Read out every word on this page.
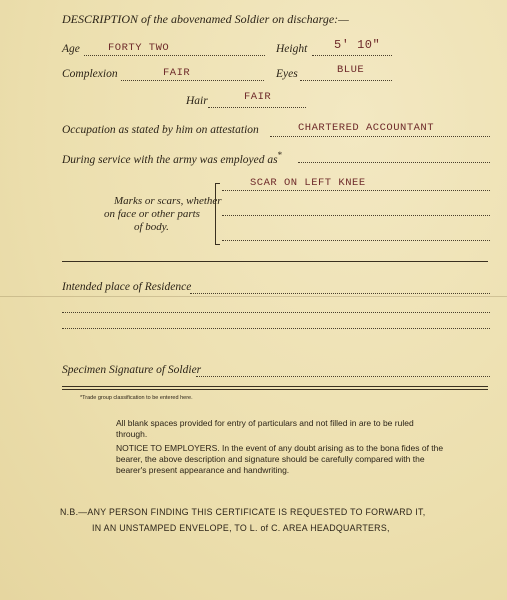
DESCRIPTION of the abovenamed Soldier on discharge:—
Age	FORTY TWO	Height 5' 10"
Complexion	FAIR	Eyes	BLUE
Hair	FAIR
Occupation as stated by him on attestation	CHARTERED ACCOUNTANT
During service with the army was employed as*
Marks or scars, whether
on face or other parts
of body.
SCAR ON LEFT KNEE
Intended place of Residence
Specimen Signature of Soldier
*Trade group classification to be entered here.
All blank spaces provided for entry of particulars and not filled in are to be ruled through.
NOTICE TO EMPLOYERS. In the event of any doubt arising as to the bona fides of the bearer, the above description and signature should be carefully compared with the bearer's present appearance and handwriting.
N.B.—ANY PERSON FINDING THIS CERTIFICATE IS REQUESTED TO FORWARD IT,
IN AN UNSTAMPED ENVELOPE, TO L. of C. AREA HEADQUARTERS,
